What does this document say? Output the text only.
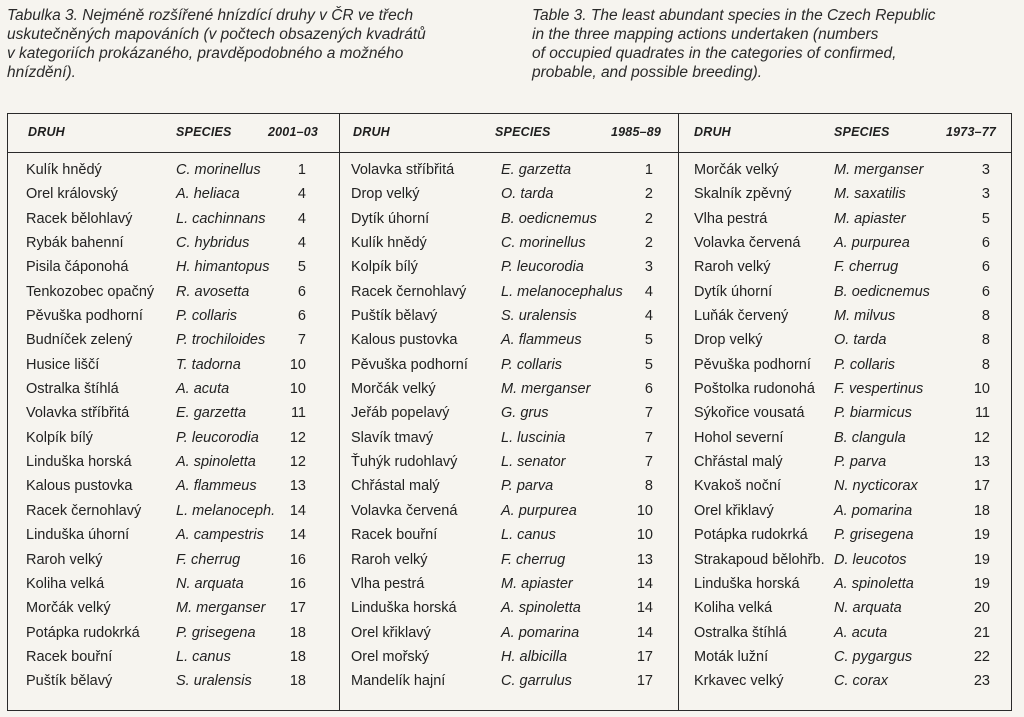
Tabulka 3. Nejméně rozšířené hnízdící druhy v ČR ve třech
uskutečněných mapováních (v počtech obsazených kvadrátů
v kategoriích prokázaného, pravděpodobného a možného
hnízdění).
Table 3. The least abundant species in the Czech Republic
in the three mapping actions undertaken (numbers
of occupied quadrates in the categories of confirmed,
probable, and possible breeding).
DRUH	SPECIES	2001–03
Kulík hnědý	C. morinellus	1
Orel královský	A. heliaca	4
Racek bělohlavý	L. cachinnans	4
Rybák bahenní	C. hybridus	4
Pisila čáponohá	H. himantopus	5
Tenkozobec opačný R. avosetta	6
Pěvuška podhorní P. collaris	6
Budníček zelený	P. trochiloides	7
Husice liščí	T. tadorna	10
Ostralka štíhlá	A. acuta	10
Volavka stříbřitá	E. garzetta	11
Kolpík bílý	P. leucorodia	12
Linduška horská	A. spinoletta	12
Kalous pustovka	A. flammeus	13
Racek černohlavý L. melanoceph.	14
Linduška úhorní	A. campestris	14
Raroh velký	F. cherrug	16
Koliha velká	N. arquata	16
Morčák velký	M. merganser	17
Potápka rudokrká	P. grisegena	18
Racek bouřní	L. canus	18
Puštík bělavý	S. uralensis	18
DRUH	SPECIES	1985–89
Volavka stříbřitá	E. garzetta	1
Drop velký	O. tarda	2
Dytík úhorní	B. oedicnemus	2
Kulík hnědý	C. morinellus	2
Kolpík bílý	P. leucorodia	3
Racek černohlavý L. melanocephalus	4
Puštík bělavý	S. uralensis	4
Kalous pustovka	A. flammeus	5
Pěvuška podhorní P. collaris	5
Morčák velký	M. merganser	6
Jeřáb popelavý	G. grus	7
Slavík tmavý	L. luscinia	7
Ťuhýk rudohlavý	L. senator	7
Chřástal malý	P. parva	8
Volavka červená	A. purpurea	10
Racek bouřní	L. canus	10
Raroh velký	F. cherrug	13
Vlha pestrá	M. apiaster	14
Linduška horská	A. spinoletta	14
Orel křiklavý	A. pomarina	14
Orel mořský	H. albicilla	17
Mandelík hajní	C. garrulus	17
DRUH	SPECIES	1973–77
Morčák velký	M. merganser	3
Skalník zpěvný	M. saxatilis	3
Vlha pestrá	M. apiaster	5
Volavka červená A. purpurea	6
Raroh velký	F. cherrug	6
Dytík úhorní	B. oedicnemus	6
Luňák červený	M. milvus	8
Drop velký	O. tarda	8
Pěvuška podhorní P. collaris	8
Poštolka rudonohá F. vespertinus	10
Sýkořice vousatá P. biarmicus	11
Hohol severní	B. clangula	12
Chřástal malý	P. parva	13
Kvakoš noční	N. nycticorax	17
Orel křiklavý	A. pomarina	18
Potápka rudokrká P. grisegena	19
Strakapoud bělohřb. D. leucotos	19
Linduška horská A. spinoletta	19
Koliha velká	N. arquata	20
Ostralka štíhlá	A. acuta	21
Moták lužní	C. pygargus	22
Krkavec velký	C. corax	23
